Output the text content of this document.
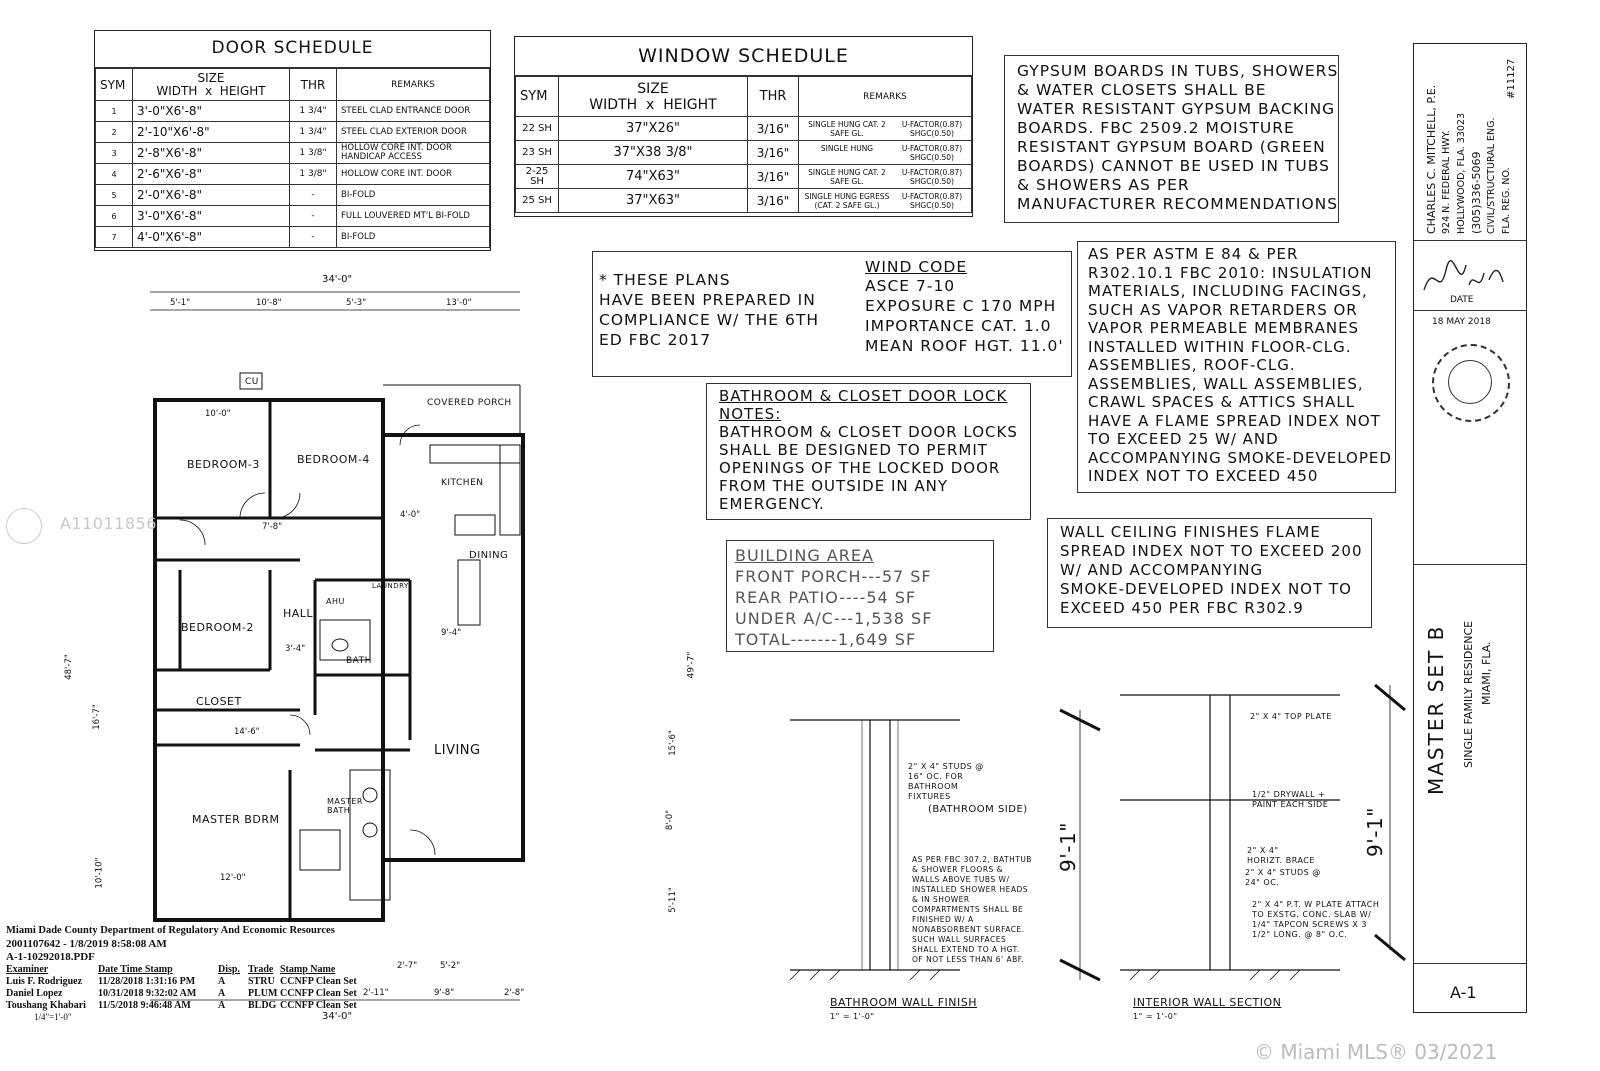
DOOR SCHEDULE
SYM	SIZE
WIDTH x HEIGHT	THR	REMARKS
1	3'-0"X6'-8"	1 3/4"	STEEL CLAD ENTRANCE DOOR
2	2'-10"X6'-8"	1 3/4"	STEEL CLAD EXTERIOR DOOR
3	2'-8"X6'-8"	1 3/8"	HOLLOW CORE INT. DOOR HANDICAP ACCESS
4	2'-6"X6'-8"	1 3/8"	HOLLOW CORE INT. DOOR
5	2'-0"X6'-8"	-	BI-FOLD
6	3'-0"X6'-8"	-	FULL LOUVERED MT'L BI-FOLD
7	4'-0"X6'-8"	-	BI-FOLD
WINDOW SCHEDULE
SYM	SIZE
WIDTH x HEIGHT	THR	REMARKS
22 SH	37"X26"	3/16"	SINGLE HUNG CAT. 2 SAFE GL.
U-FACTOR(0.87) SHGC(0.50)

23 SH	37"X38 3/8"	3/16"	SINGLE HUNG U-FACTOR(0.87) SHGC(0.50)

2-25 SH	74"X63"	3/16"	SINGLE HUNG CAT. 2 SAFE GL.
U-FACTOR(0.87) SHGC(0.50)

25 SH	37"X63"	3/16"	SINGLE HUNG EGRESS (CAT. 2 SAFE GL.)
U-FACTOR(0.87) SHGC(0.50)
GYPSUM BOARDS IN TUBS, SHOWERS
& WATER CLOSETS SHALL BE
WATER RESISTANT GYPSUM BACKING
BOARDS. FBC 2509.2 MOISTURE
RESISTANT GYPSUM BOARD (GREEN
BOARDS) CANNOT BE USED IN TUBS
& SHOWERS AS PER
MANUFACTURER RECOMMENDATIONS
* THESE PLANS
HAVE BEEN PREPARED IN
COMPLIANCE W/ THE 6TH
ED FBC 2017
WIND CODE
ASCE 7-10
EXPOSURE C 170 MPH
IMPORTANCE CAT. 1.0
MEAN ROOF HGT. 11.0'
AS PER ASTM E 84 & PER
R302.10.1 FBC 2010: INSULATION
MATERIALS, INCLUDING FACINGS,
SUCH AS VAPOR RETARDERS OR
VAPOR PERMEABLE MEMBRANES
INSTALLED WITHIN FLOOR-CLG.
ASSEMBLIES, ROOF-CLG.
ASSEMBLIES, WALL ASSEMBLIES,
CRAWL SPACES & ATTICS SHALL
HAVE A FLAME SPREAD INDEX NOT
TO EXCEED 25 W/ AND
ACCOMPANYING SMOKE-DEVELOPED
INDEX NOT TO EXCEED 450
BATHROOM & CLOSET DOOR LOCK
NOTES:
BATHROOM & CLOSET DOOR LOCKS
SHALL BE DESIGNED TO PERMIT
OPENINGS OF THE LOCKED DOOR
FROM THE OUTSIDE IN ANY
EMERGENCY.
BUILDING AREA
FRONT PORCH---57 SF
REAR PATIO----54 SF
UNDER A/C---1,538 SF
TOTAL-------1,649 SF
WALL CEILING FINISHES FLAME
SPREAD INDEX NOT TO EXCEED 200
W/ AND ACCOMPANYING
SMOKE-DEVELOPED INDEX NOT TO
EXCEED 450 PER FBC R302.9
CHARLES C. MITCHELL, P.E. 924 N. FEDERAL HWY. HOLLYWOOD, FLA. 33023 (305)336-5069 CIVIL/STRUCTURAL ENG. FLA. REG. NO.
#11127
DATE
18 MAY 2018
MASTER SET B SINGLE FAMILY RESIDENCE MIAMI, FLA.
A-1
BEDROOM-3	BEDROOM-4
KITCHEN
DINING
HALL
BEDROOM-2
BATH
CLOSET
LIVING
MASTER BDRM
MASTER BATH
COVERED PORCH
LAUNDRY
AHU
CU
34'-0"
34'-0"
5'-1"	10'-8"	5'-3"	13'-0"
10'-0"
12'-0"
7'-8"
4'-0"
3'-4"
14'-6"
9'-4"
9'-8"	2'-8"
2'-7"	5'-2"
2'-11"
16'-7"
10'-10"
48'-7"
5'-11"
15'-6"
8'-0"
49'-7"
2" X 4" STUDS @ 16" OC. FOR BATHROOM FIXTURES
(BATHROOM SIDE)
AS PER FBC 307.2, BATHTUB & SHOWER FLOORS & WALLS ABOVE TUBS W/ INSTALLED SHOWER HEADS & IN SHOWER COMPARTMENTS SHALL BE FINISHED W/ A NONABSORBENT SURFACE. SUCH WALL SURFACES SHALL EXTEND TO A HGT. OF NOT LESS THAN 6' ABF.
9'-1"
BATHROOM WALL FINISH
1" = 1'-0"
2" X 4" TOP PLATE
1/2" DRYWALL + PAINT EACH SIDE
2" X 4" HORIZT. BRACE
2" X 4" STUDS @ 24" OC.
2" X 4" P.T. W PLATE ATTACH TO EXSTG. CONC. SLAB W/ 1/4" TAPCON SCREWS X 3 1/2" LONG. @ 8" O.C.
9'-1"
INTERIOR WALL SECTION
1" = 1'-0"
Miami Dade County Department of Regulatory And Economic Resources
2001107642 - 1/8/2019 8:58:08 AM
A-1-10292018.PDF
Examiner	Date Time Stamp	Disp. Trade Stamp Name
Luis F. Rodriguez 11/28/2018 1:31:16 PM A STRU CCNFP Clean Set
Daniel Lopez	10/31/2018 9:32:02 AM A PLUM CCNFP Clean Set
Toushang Khabari 11/5/2018 9:46:48 AM	A BLDG CCNFP Clean Set
1/4"=1'-0"
A11011856
© Miami MLS® 03/2021
